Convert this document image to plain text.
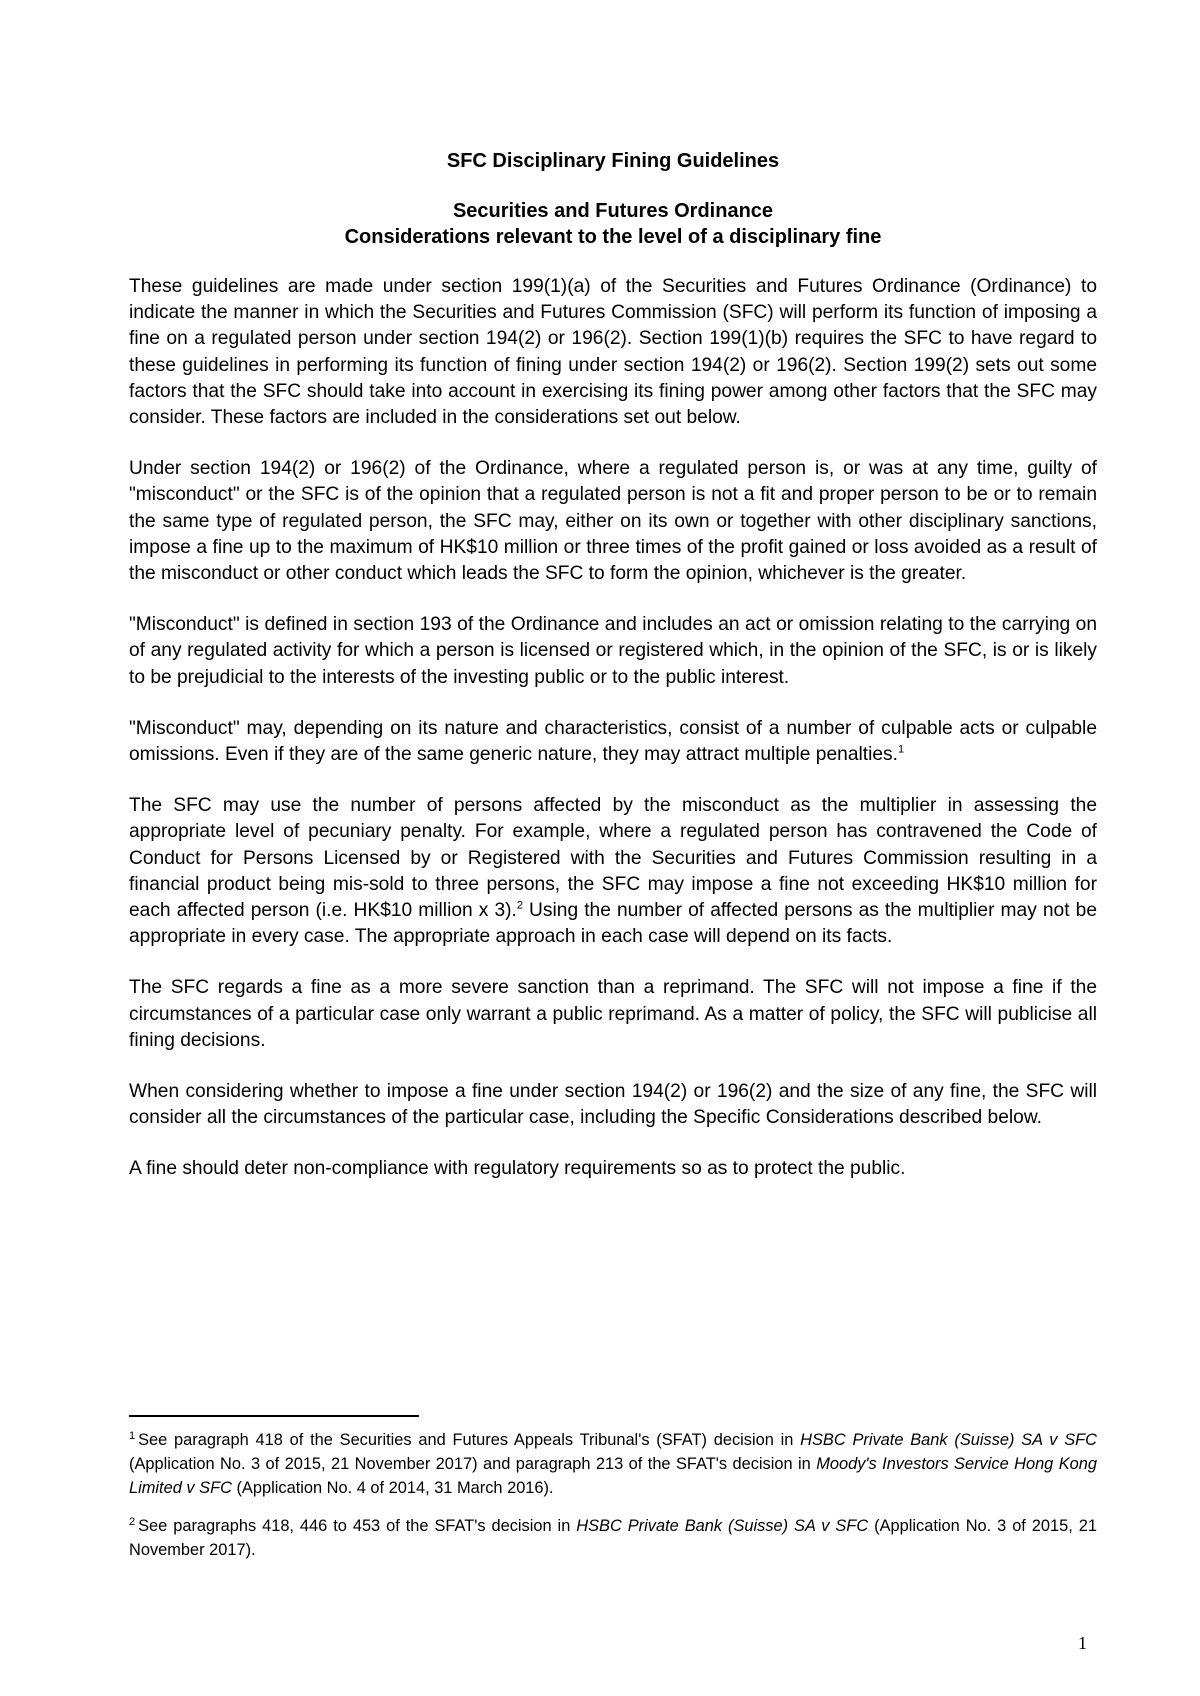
SFC Disciplinary Fining Guidelines
Securities and Futures Ordinance
Considerations relevant to the level of a disciplinary fine

These guidelines are made under section 199(1)(a) of the Securities and Futures Ordinance (Ordinance) to indicate the manner in which the Securities and Futures Commission (SFC) will perform its function of imposing a fine on a regulated person under section 194(2) or 196(2). Section 199(1)(b) requires the SFC to have regard to these guidelines in performing its function of fining under section 194(2) or 196(2). Section 199(2) sets out some factors that the SFC should take into account in exercising its fining power among other factors that the SFC may consider. These factors are included in the considerations set out below.

Under section 194(2) or 196(2) of the Ordinance, where a regulated person is, or was at any time, guilty of "misconduct" or the SFC is of the opinion that a regulated person is not a fit and proper person to be or to remain the same type of regulated person, the SFC may, either on its own or together with other disciplinary sanctions, impose a fine up to the maximum of HK$10 million or three times of the profit gained or loss avoided as a result of the misconduct or other conduct which leads the SFC to form the opinion, whichever is the greater.

"Misconduct" is defined in section 193 of the Ordinance and includes an act or omission relating to the carrying on of any regulated activity for which a person is licensed or registered which, in the opinion of the SFC, is or is likely to be prejudicial to the interests of the investing public or to the public interest.

"Misconduct" may, depending on its nature and characteristics, consist of a number of culpable acts or culpable omissions. Even if they are of the same generic nature, they may attract multiple penalties.$^1$

The SFC may use the number of persons affected by the misconduct as the multiplier in assessing the appropriate level of pecuniary penalty. For example, where a regulated person has contravened the Code of Conduct for Persons Licensed by or Registered with the Securities and Futures Commission resulting in a financial product being mis-sold to three persons, the SFC may impose a fine not exceeding HK$10 million for each affected person (i.e. HK$10 million x 3).$^2$ Using the number of affected persons as the multiplier may not be appropriate in every case. The appropriate approach in each case will depend on its facts.

The SFC regards a fine as a more severe sanction than a reprimand. The SFC will not impose a fine if the circumstances of a particular case only warrant a public reprimand. As a matter of policy, the SFC will publicise all fining decisions.

When considering whether to impose a fine under section 194(2) or 196(2) and the size of any fine, the SFC will consider all the circumstances of the particular case, including the Specific Considerations described below.

A fine should deter non-compliance with regulatory requirements so as to protect the public.

$^1$ See paragraph 418 of the Securities and Futures Appeals Tribunal's (SFAT) decision in HSBC Private Bank (Suisse) SA v SFC (Application No. 3 of 2015, 21 November 2017) and paragraph 213 of the SFAT's decision in Moody's Investors Service Hong Kong Limited v SFC (Application No. 4 of 2014, 31 March 2016).

$^2$ See paragraphs 418, 446 to 453 of the SFAT's decision in HSBC Private Bank (Suisse) SA v SFC (Application No. 3 of 2015, 21 November 2017).

1
